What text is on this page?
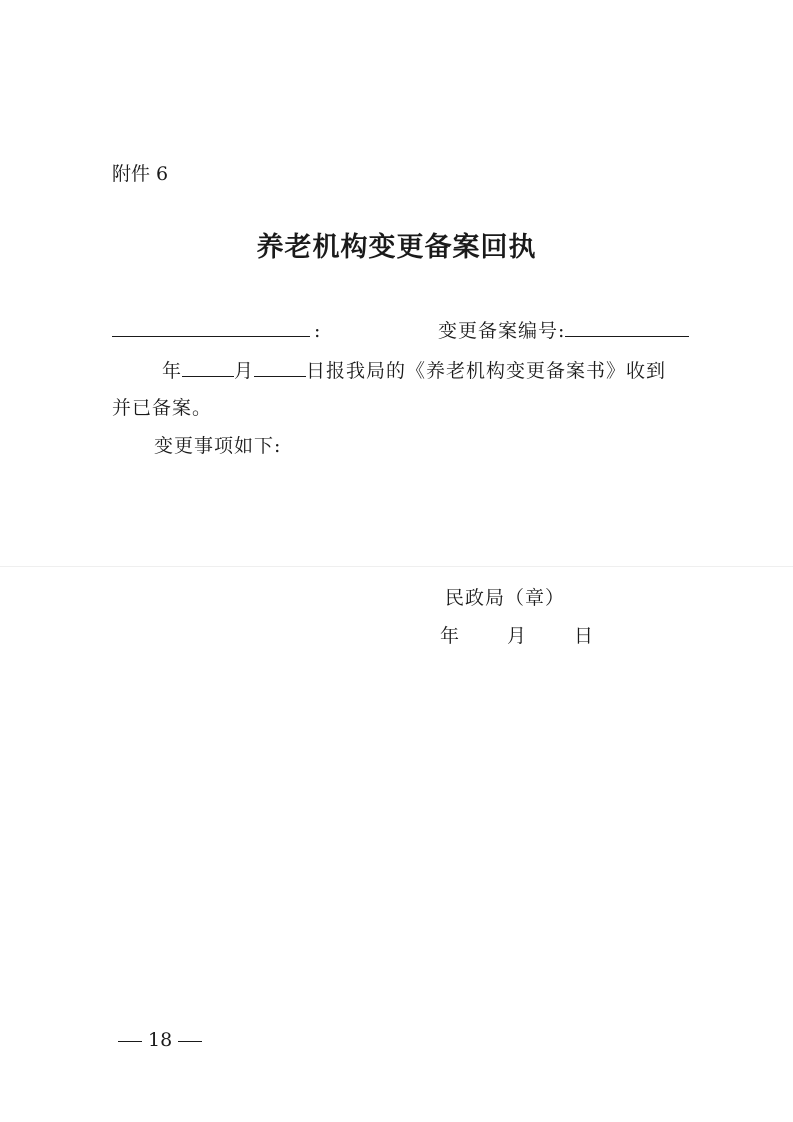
附件 6
养老机构变更备案回执
:	变更备案编号:
年	月	日报我局的《养老机构变更备案书》收到
并已备案。
变更事项如下:
民政局（章）
年	月	日
18
